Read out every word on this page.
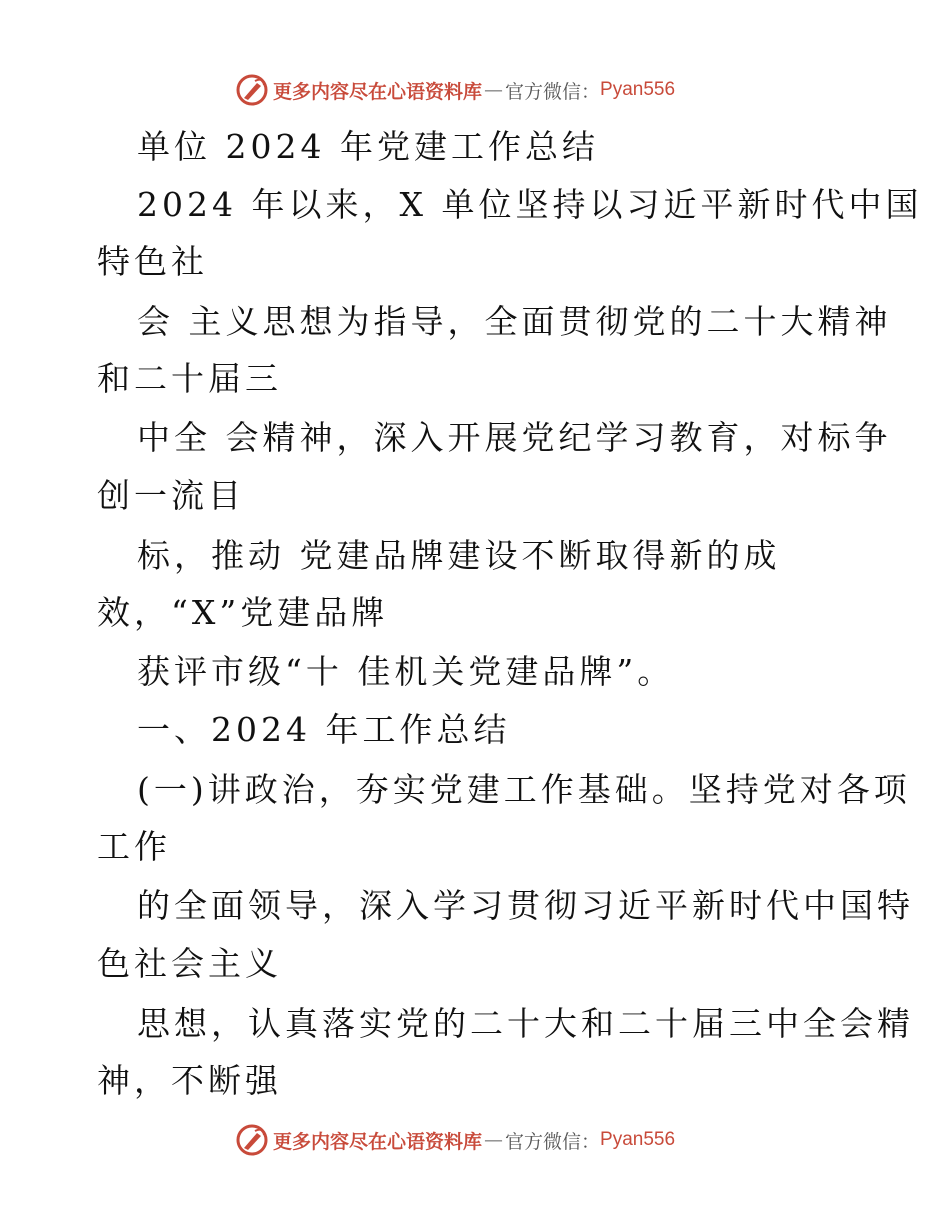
更多内容尽在心语资料库 — 官方微信： Pyan556
单位 2024 年党建工作总结
2024 年以来，X 单位坚持以习近平新时代中国
特色社
会 主义思想为指导，全面贯彻党的二十大精神
和二十届三
中全 会精神，深入开展党纪学习教育，对标争
创一流目
标，推动 党建品牌建设不断取得新的成
效，“X”党建品牌
获评市级“十 佳机关党建品牌”。
一、2024 年工作总结
(一)讲政治，夯实党建工作基础。坚持党对各项
工作
的全面领导，深入学习贯彻习近平新时代中国特
色社会主义
思想，认真落实党的二十大和二十届三中全会精
神，不断强
更多内容尽在心语资料库 — 官方微信： Pyan556
